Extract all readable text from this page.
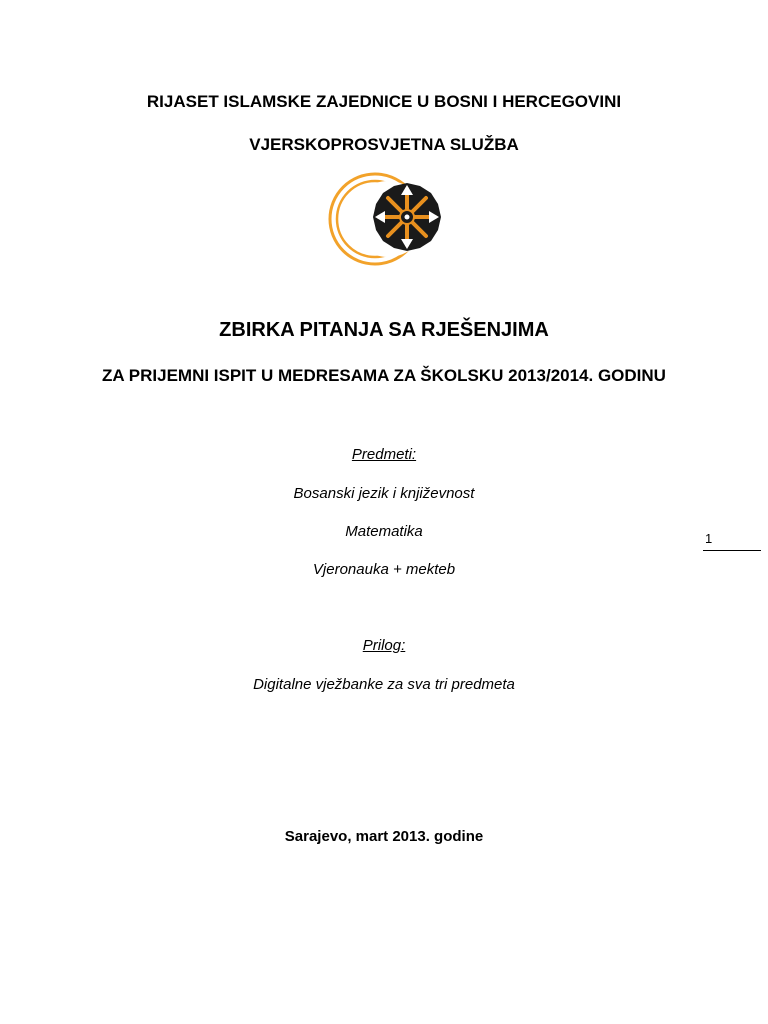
RIJASET ISLAMSKE ZAJEDNICE U BOSNI I HERCEGOVINI
VJERSKOPROSVJETNA SLUŽBA
ZBIRKA PITANJA SA RJEŠENJIMA
ZA PRIJEMNI ISPIT U MEDRESAMA ZA ŠKOLSKU 2013/2014. GODINU
Predmeti:
Bosanski jezik i književnost
Matematika
Vjeronauka + mekteb
Prilog:
Digitalne vježbanke za sva tri predmeta
Sarajevo, mart 2013. godine
1
